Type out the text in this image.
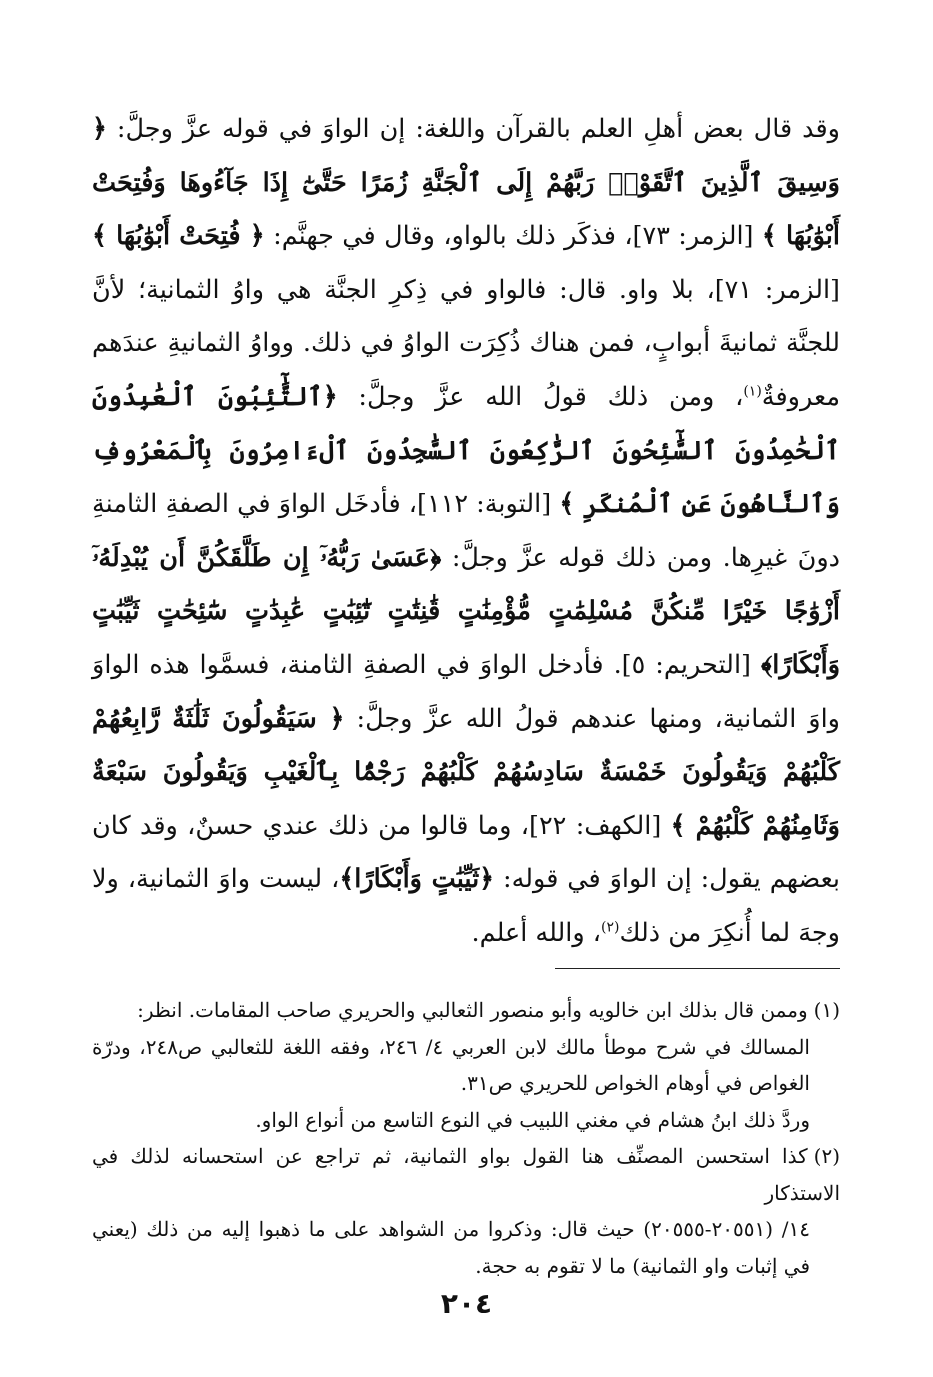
وقد قال بعض أهلِ العلم بالقرآن واللغة: إن الواوَ في قوله عزَّ وجلَّ: ﴿ وَسِيقَ ٱلَّذِينَ ٱتَّقَوْا۟ رَبَّهُمْ إِلَى ٱلْجَنَّةِ زُمَرًا حَتَّىٰٓ إِذَا جَآءُوهَا وَفُتِحَتْ أَبْوَٰبُهَا ﴾ [الزمر: ٧٣]، فذكَر ذلك بالواو، وقال في جهنَّم: ﴿ فُتِحَتْ أَبْوَٰبُهَا ﴾ [الزمر: ٧١]، بلا واو. قال: فالواو في ذِكرِ الجنَّة هي واوُ الثمانية؛ لأنَّ للجنَّة ثمانيةَ أبوابٍ، فمن هناك ذُكِرَت الواوُ في ذلك. وواوُ الثمانيةِ عندَهم معروفةٌ$^{(١)}$، ومن ذلك قولُ الله عزَّ وجلَّ: ﴿ٱلتَّٰٓئِبُونَ ٱلْعَٰبِدُونَ ٱلْحَٰمِدُونَ ٱلسَّٰٓئِحُونَ ٱلرَّٰكِعُونَ ٱلسَّٰجِدُونَ ٱلْءَامِرُونَ بِٱلْمَعْرُوفِ وَٱلنَّاهُونَ عَنِ ٱلْمُنكَرِ ﴾ [التوبة: ١١٢]، فأدخَل الواوَ في الصفةِ الثامنةِ دونَ غيرِها. ومن ذلك قوله عزَّ وجلَّ: ﴿عَسَىٰ رَبُّهُۥٓ إِن طَلَّقَكُنَّ أَن يُبْدِلَهُۥٓ أَزْوَٰجًا خَيْرًا مِّنكُنَّ مُسْلِمَٰتٍ مُّؤْمِنَٰتٍ قَٰنِتَٰتٍ تَٰٓئِبَٰتٍ عَٰبِدَٰتٍ سَٰٓئِحَٰتٍ ثَيِّبَٰتٍ وَأَبْكَارًا﴾ [التحريم: ٥]. فأدخل الواوَ في الصفةِ الثامنة، فسمَّوا هذه الواوَ واوَ الثمانية، ومنها عندهم قولُ الله عزَّ وجلَّ: ﴿ سَيَقُولُونَ ثَلَٰثَةٌ رَّابِعُهُمْ كَلْبُهُمْ وَيَقُولُونَ خَمْسَةٌ سَادِسُهُمْ كَلْبُهُمْ رَجْمًۢا بِٱلْغَيْبِ وَيَقُولُونَ سَبْعَةٌ وَثَامِنُهُمْ كَلْبُهُمْ ﴾ [الكهف: ٢٢]، وما قالوا من ذلك عندي حسنٌ، وقد كان بعضهم يقول: إن الواوَ في قوله: ﴿ثَيِّبَٰتٍ وَأَبْكَارًا﴾، ليست واوَ الثمانية، ولا وجهَ لما أُنكِرَ من ذلك$^{(٢)}$، والله أعلم.

(١)وممن قال بذلك ابن خالويه وأبو منصور الثعالبي والحريري صاحب المقامات. انظر:

المسالك في شرح موطأ مالك لابن العربي ٤/ ٢٤٦، وفقه اللغة للثعالبي ص٢٤٨، ودرّة الغواص في أوهام الخواص للحريري ص٣١.

وردَّ ذلك ابنُ هشام في مغني اللبيب في النوع التاسع من أنواع الواو.

(٢)كذا استحسن المصنِّف هنا القول بواو الثمانية، ثم تراجع عن استحسانه لذلك في الاستذكار

١٤/ (٢٠٥٥١-٢٠٥٥٥) حيث قال: وذكروا من الشواهد على ما ذهبوا إليه من ذلك (يعني في إثبات واو الثمانية) ما لا تقوم به حجة.

٢٠٤
